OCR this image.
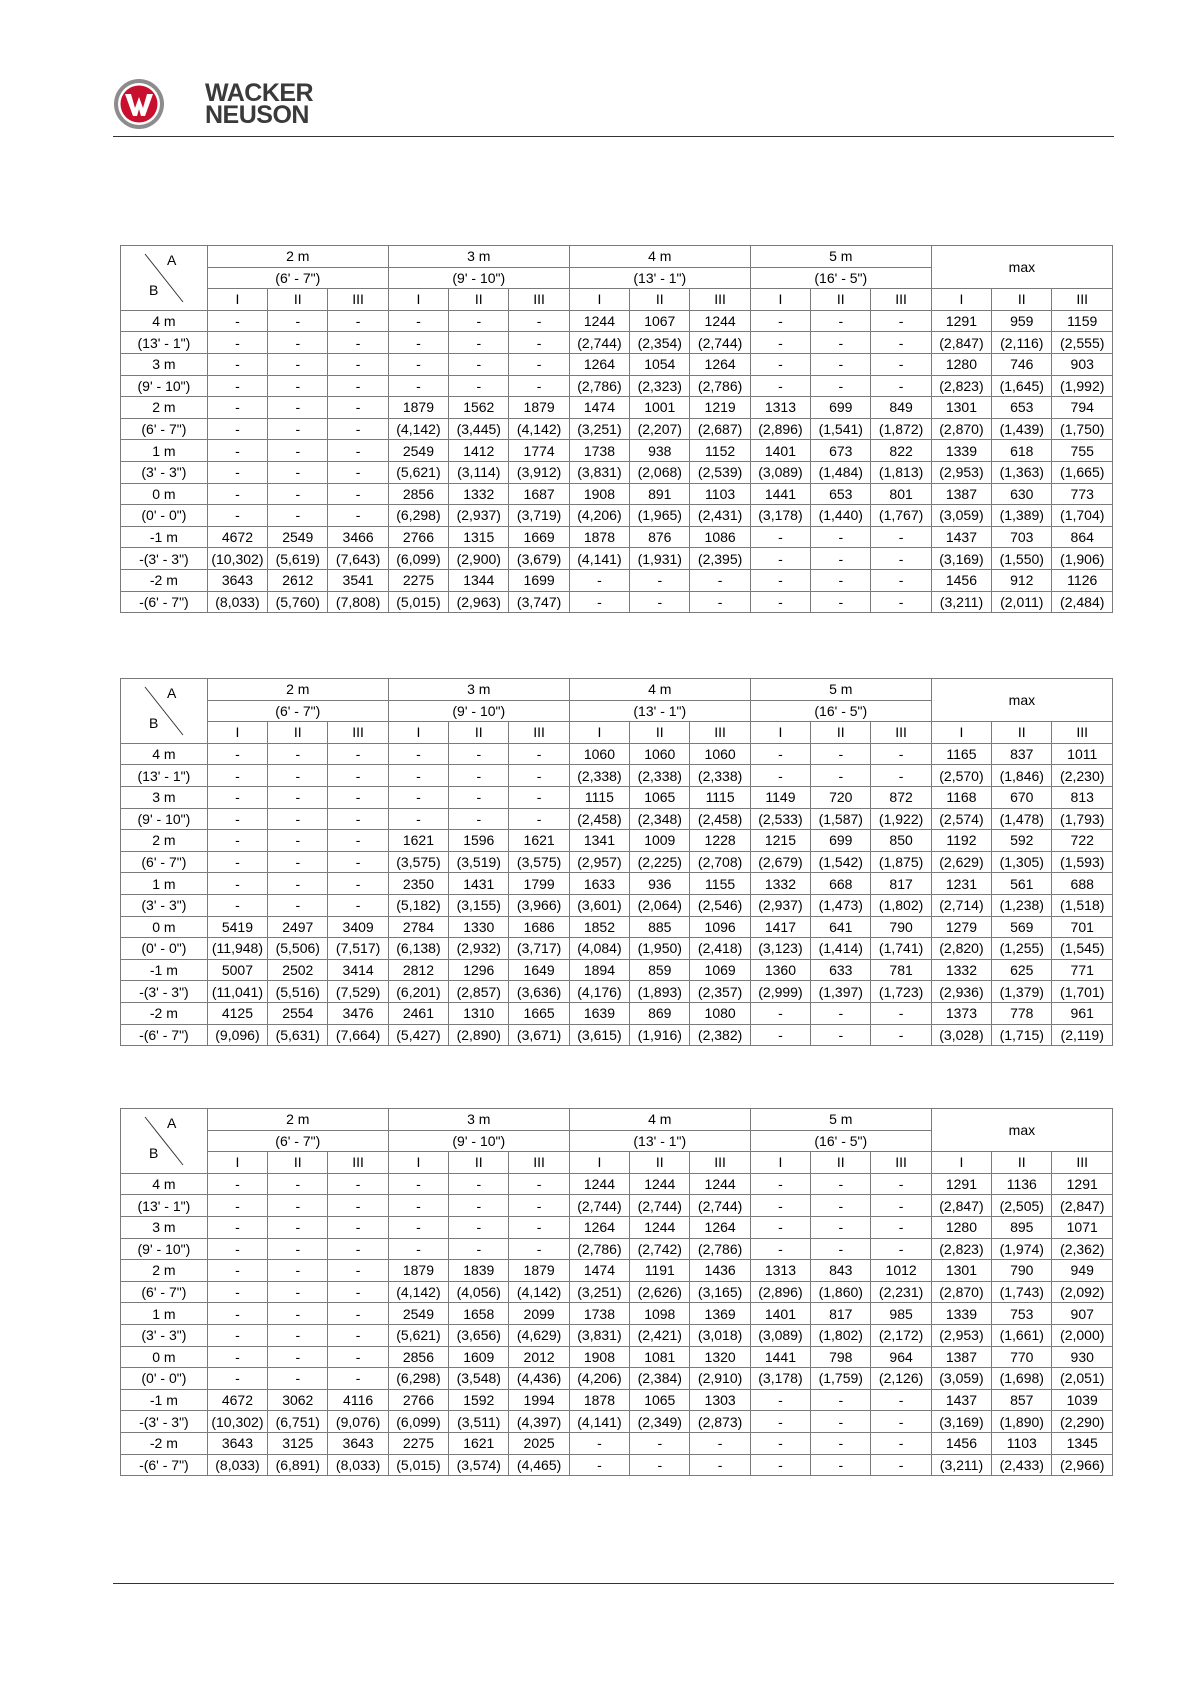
WACKER
NEUSON
A
B	2 m			3 m			4 m			5 m			max		
	(6' - 7")			(9' - 10")			(13' - 1")			(16' - 5")					
	I	II	III	I	II	III	I	II	III	I	II	III	I	II	III
4 m	-	-	-	-	-	-	1244	1067	1244	-	-	-	1291	959	1159
(13' - 1")	-	-	-	-	-	-	(2,744)	(2,354)	(2,744)	-	-	-	(2,847)	(2,116)	(2,555)
3 m	-	-	-	-	-	-	1264	1054	1264	-	-	-	1280	746	903
(9' - 10")	-	-	-	-	-	-	(2,786)	(2,323)	(2,786)	-	-	-	(2,823)	(1,645)	(1,992)
2 m	-	-	-	1879	1562	1879	1474	1001	1219	1313	699	849	1301	653	794
(6' - 7")	-	-	-	(4,142)	(3,445)	(4,142)	(3,251)	(2,207)	(2,687)	(2,896)	(1,541)	(1,872)	(2,870)	(1,439)	(1,750)
1 m	-	-	-	2549	1412	1774	1738	938	1152	1401	673	822	1339	618	755
(3' - 3")	-	-	-	(5,621)	(3,114)	(3,912)	(3,831)	(2,068)	(2,539)	(3,089)	(1,484)	(1,813)	(2,953)	(1,363)	(1,665)
0 m	-	-	-	2856	1332	1687	1908	891	1103	1441	653	801	1387	630	773
(0' - 0")	-	-	-	(6,298)	(2,937)	(3,719)	(4,206)	(1,965)	(2,431)	(3,178)	(1,440)	(1,767)	(3,059)	(1,389)	(1,704)
-1 m	4672	2549	3466	2766	1315	1669	1878	876	1086	-	-	-	1437	703	864
-(3' - 3")	(10,302)	(5,619)	(7,643)	(6,099)	(2,900)	(3,679)	(4,141)	(1,931)	(2,395)	-	-	-	(3,169)	(1,550)	(1,906)
-2 m	3643	2612	3541	2275	1344	1699	-	-	-	-	-	-	1456	912	1126
-(6' - 7")	(8,033)	(5,760)	(7,808)	(5,015)	(2,963)	(3,747)	-	-	-	-	-	-	(3,211)	(2,011)	(2,484)
A
B	2 m			3 m			4 m			5 m			max		
	(6' - 7")			(9' - 10")			(13' - 1")			(16' - 5")					
	I	II	III	I	II	III	I	II	III	I	II	III	I	II	III
4 m	-	-	-	-	-	-	1060	1060	1060	-	-	-	1165	837	1011
(13' - 1")	-	-	-	-	-	-	(2,338)	(2,338)	(2,338)	-	-	-	(2,570)	(1,846)	(2,230)
3 m	-	-	-	-	-	-	1115	1065	1115	1149	720	872	1168	670	813
(9' - 10")	-	-	-	-	-	-	(2,458)	(2,348)	(2,458)	(2,533)	(1,587)	(1,922)	(2,574)	(1,478)	(1,793)
2 m	-	-	-	1621	1596	1621	1341	1009	1228	1215	699	850	1192	592	722
(6' - 7")	-	-	-	(3,575)	(3,519)	(3,575)	(2,957)	(2,225)	(2,708)	(2,679)	(1,542)	(1,875)	(2,629)	(1,305)	(1,593)
1 m	-	-	-	2350	1431	1799	1633	936	1155	1332	668	817	1231	561	688
(3' - 3")	-	-	-	(5,182)	(3,155)	(3,966)	(3,601)	(2,064)	(2,546)	(2,937)	(1,473)	(1,802)	(2,714)	(1,238)	(1,518)
0 m	5419	2497	3409	2784	1330	1686	1852	885	1096	1417	641	790	1279	569	701
(0' - 0")	(11,948)	(5,506)	(7,517)	(6,138)	(2,932)	(3,717)	(4,084)	(1,950)	(2,418)	(3,123)	(1,414)	(1,741)	(2,820)	(1,255)	(1,545)
-1 m	5007	2502	3414	2812	1296	1649	1894	859	1069	1360	633	781	1332	625	771
-(3' - 3")	(11,041)	(5,516)	(7,529)	(6,201)	(2,857)	(3,636)	(4,176)	(1,893)	(2,357)	(2,999)	(1,397)	(1,723)	(2,936)	(1,379)	(1,701)
-2 m	4125	2554	3476	2461	1310	1665	1639	869	1080	-	-	-	1373	778	961
-(6' - 7")	(9,096)	(5,631)	(7,664)	(5,427)	(2,890)	(3,671)	(3,615)	(1,916)	(2,382)	-	-	-	(3,028)	(1,715)	(2,119)
A
B	2 m			3 m			4 m			5 m			max		
	(6' - 7")			(9' - 10")			(13' - 1")			(16' - 5")					
	I	II	III	I	II	III	I	II	III	I	II	III	I	II	III
4 m	-	-	-	-	-	-	1244	1244	1244	-	-	-	1291	1136	1291
(13' - 1")	-	-	-	-	-	-	(2,744)	(2,744)	(2,744)	-	-	-	(2,847)	(2,505)	(2,847)
3 m	-	-	-	-	-	-	1264	1244	1264	-	-	-	1280	895	1071
(9' - 10")	-	-	-	-	-	-	(2,786)	(2,742)	(2,786)	-	-	-	(2,823)	(1,974)	(2,362)
2 m	-	-	-	1879	1839	1879	1474	1191	1436	1313	843	1012	1301	790	949
(6' - 7")	-	-	-	(4,142)	(4,056)	(4,142)	(3,251)	(2,626)	(3,165)	(2,896)	(1,860)	(2,231)	(2,870)	(1,743)	(2,092)
1 m	-	-	-	2549	1658	2099	1738	1098	1369	1401	817	985	1339	753	907
(3' - 3")	-	-	-	(5,621)	(3,656)	(4,629)	(3,831)	(2,421)	(3,018)	(3,089)	(1,802)	(2,172)	(2,953)	(1,661)	(2,000)
0 m	-	-	-	2856	1609	2012	1908	1081	1320	1441	798	964	1387	770	930
(0' - 0")	-	-	-	(6,298)	(3,548)	(4,436)	(4,206)	(2,384)	(2,910)	(3,178)	(1,759)	(2,126)	(3,059)	(1,698)	(2,051)
-1 m	4672	3062	4116	2766	1592	1994	1878	1065	1303	-	-	-	1437	857	1039
-(3' - 3")	(10,302)	(6,751)	(9,076)	(6,099)	(3,511)	(4,397)	(4,141)	(2,349)	(2,873)	-	-	-	(3,169)	(1,890)	(2,290)
-2 m	3643	3125	3643	2275	1621	2025	-	-	-	-	-	-	1456	1103	1345
-(6' - 7")	(8,033)	(6,891)	(8,033)	(5,015)	(3,574)	(4,465)	-	-	-	-	-	-	(3,211)	(2,433)	(2,966)
